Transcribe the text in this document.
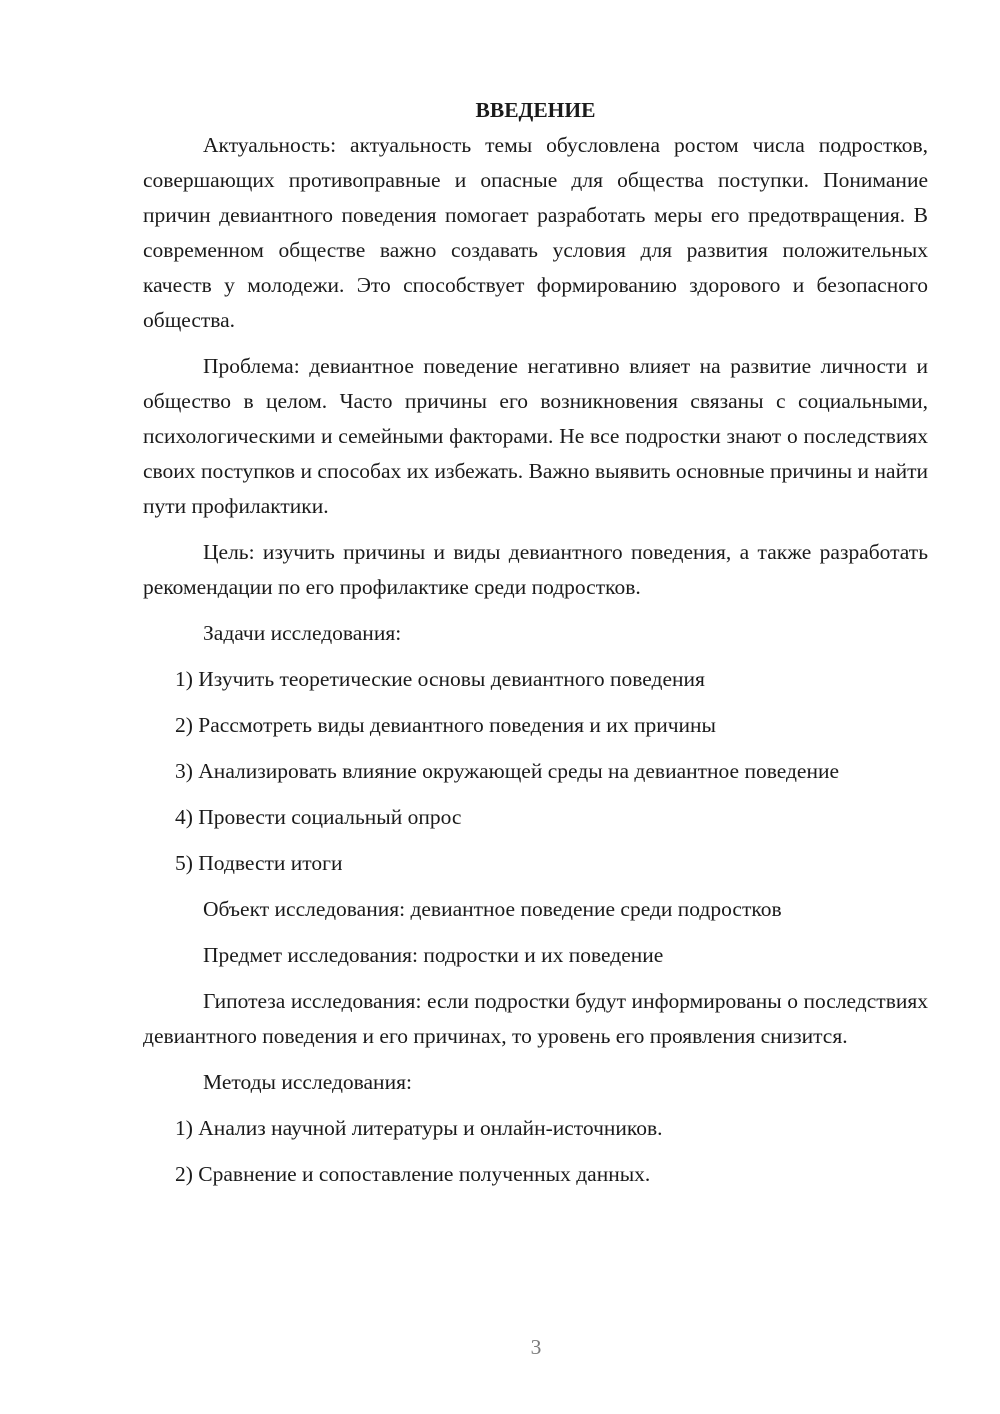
ВВЕДЕНИЕ

Актуальность: актуальность темы обусловлена ростом числа подростков, совершающих противоправные и опасные для общества поступки. Понимание причин девиантного поведения помогает разработать меры его предотвращения. В современном обществе важно создавать условия для развития положительных качеств у молодежи. Это способствует формированию здорового и безопасного общества.

Проблема: девиантное поведение негативно влияет на развитие личности и общество в целом. Часто причины его возникновения связаны с социальными, психологическими и семейными факторами. Не все подростки знают о последствиях своих поступков и способах их избежать. Важно выявить основные причины и найти пути профилактики.

Цель: изучить причины и виды девиантного поведения, а также разработать рекомендации по его профилактике среди подростков.

Задачи исследования:

1) Изучить теоретические основы девиантного поведения

2) Рассмотреть виды девиантного поведения и их причины

3) Анализировать влияние окружающей среды на девиантное поведение

4) Провести социальный опрос

5) Подвести итоги

Объект исследования: девиантное поведение среди подростков

Предмет исследования: подростки и их поведение

Гипотеза исследования: если подростки будут информированы о последствиях девиантного поведения и его причинах, то уровень его проявления снизится.

Методы исследования:

1) Анализ научной литературы и онлайн-источников.

2) Сравнение и сопоставление полученных данных.

3
